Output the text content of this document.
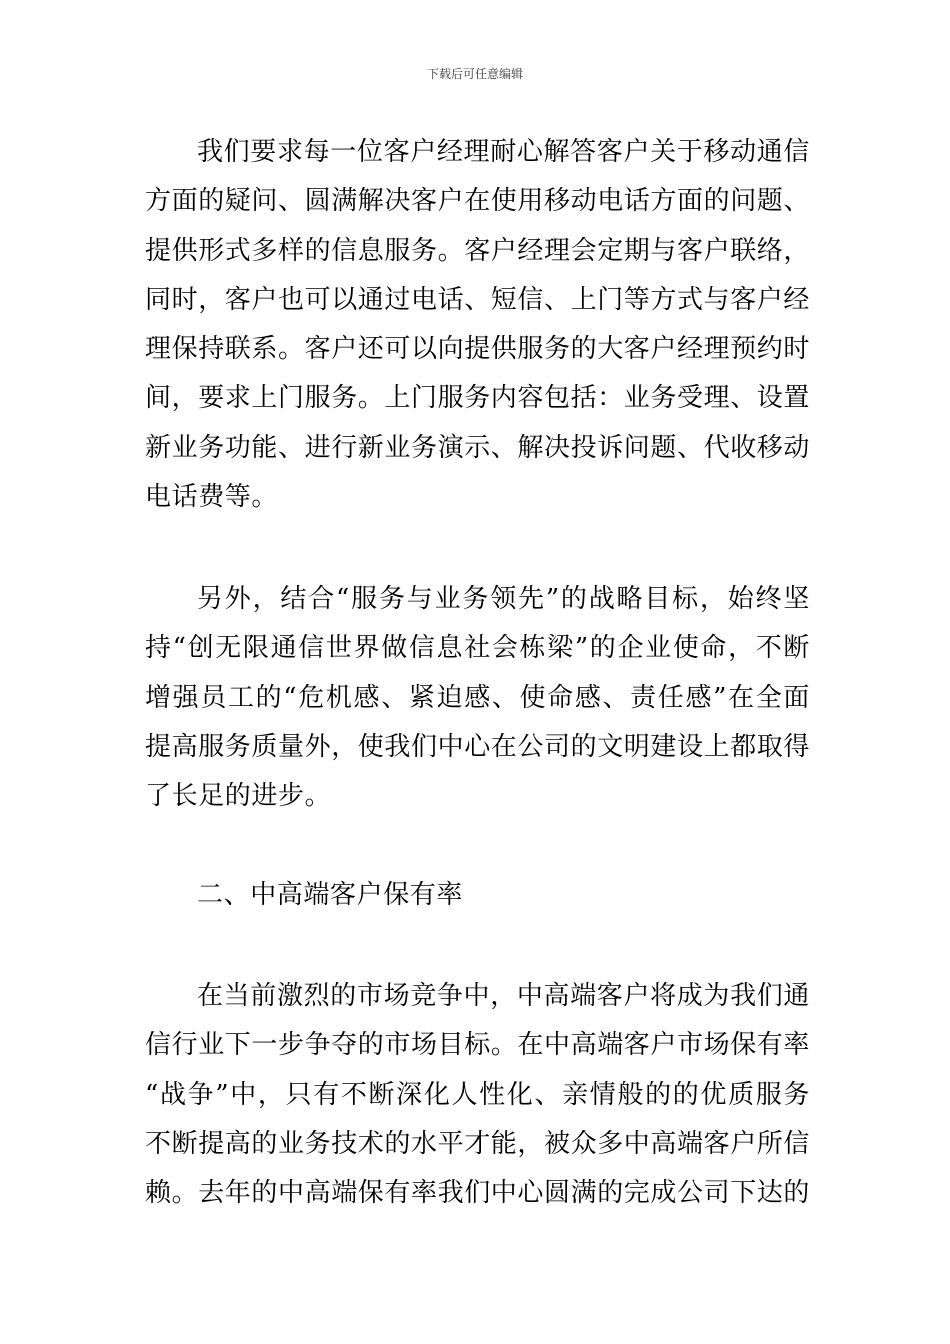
下载后可任意编辑
我们要求每一位客户经理耐心解答客户关于移动通信
方面的疑问、圆满解决客户在使用移动电话方面的问题、
提供形式多样的信息服务。客户经理会定期与客户联络，
同时，客户也可以通过电话、短信、上门等方式与客户经
理保持联系。客户还可以向提供服务的大客户经理预约时
间，要求上门服务。上门服务内容包括：业务受理、设置
新业务功能、进行新业务演示、解决投诉问题、代收移动
电话费等。
另外，结合“服务与业务领先”的战略目标，始终坚
持“创无限通信世界做信息社会栋梁”的企业使命，不断
增强员工的“危机感、紧迫感、使命感、责任感”在全面
提高服务质量外，使我们中心在公司的文明建设上都取得
了长足的进步。
二、中高端客户保有率
在当前激烈的市场竞争中，中高端客户将成为我们通
信行业下一步争夺的市场目标。在中高端客户市场保有率
“战争”中，只有不断深化人性化、亲情般的的优质服务
不断提高的业务技术的水平才能，被众多中高端客户所信
赖。去年的中高端保有率我们中心圆满的完成公司下达的
